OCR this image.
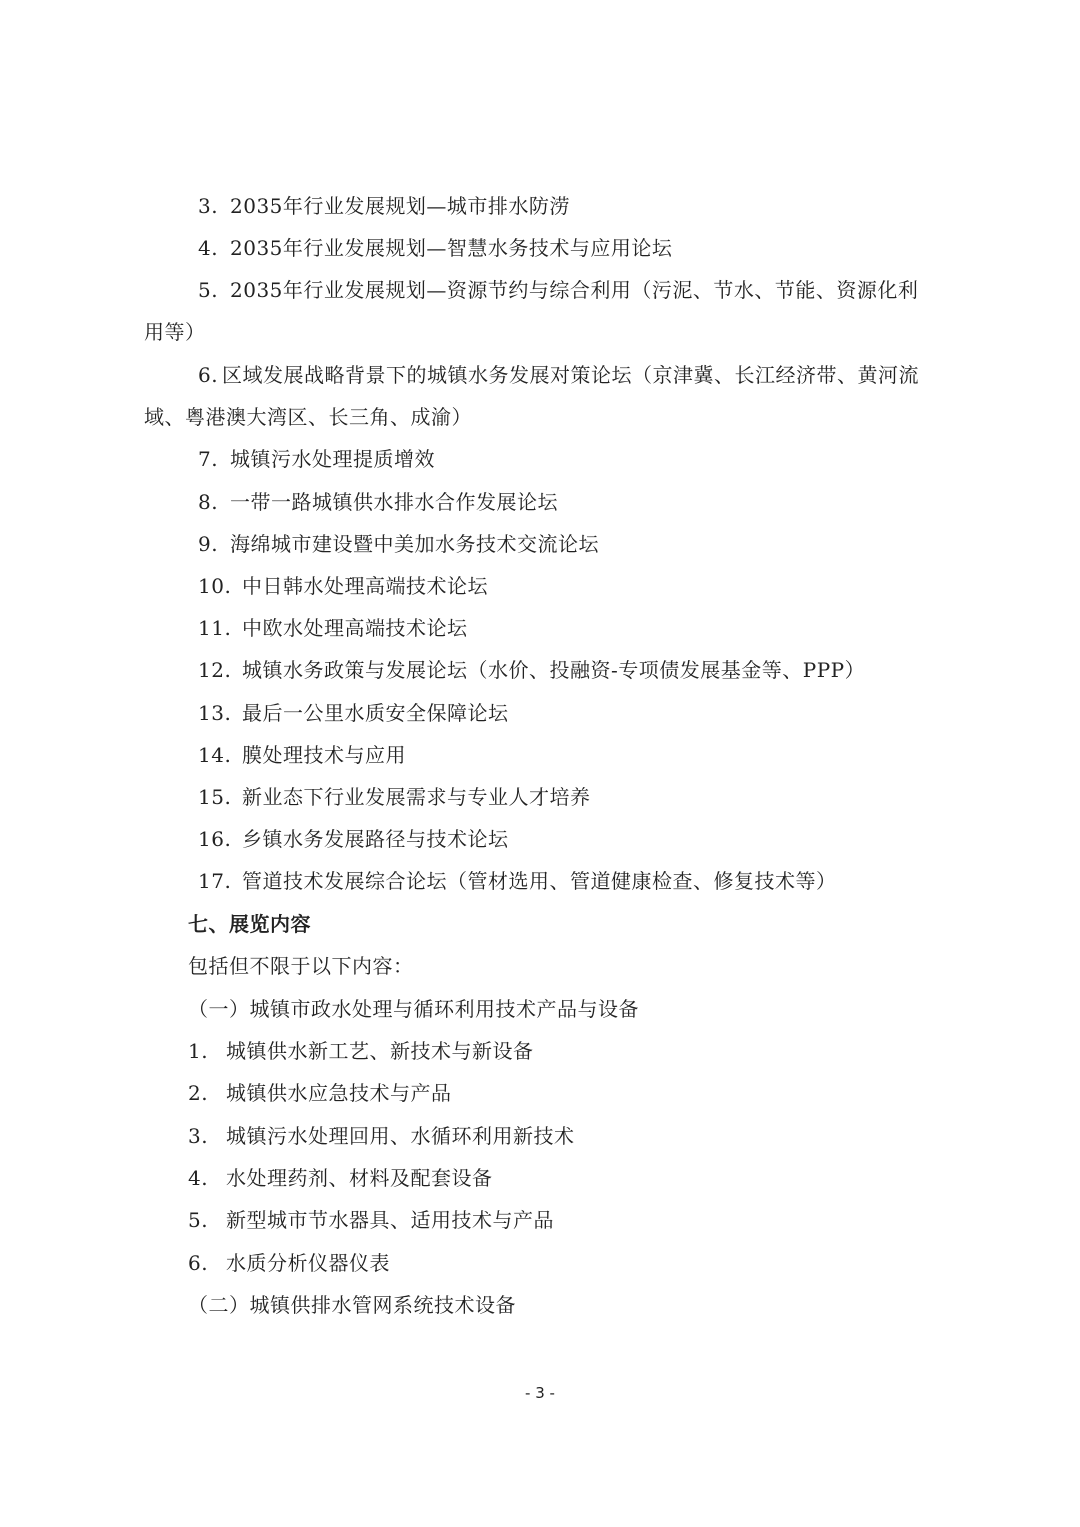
3. 2035年行业发展规划—城市排水防涝
4. 2035年行业发展规划—智慧水务技术与应用论坛
5. 2035年行业发展规划—资源节约与综合利用（污泥、节水、节能、资源化利
用等）
6. 区域发展战略背景下的城镇水务发展对策论坛（京津冀、长江经济带、黄河流
域、粤港澳大湾区、长三角、成渝）
7. 城镇污水处理提质增效
8. 一带一路城镇供水排水合作发展论坛
9. 海绵城市建设暨中美加水务技术交流论坛
10. 中日韩水处理高端技术论坛
11. 中欧水处理高端技术论坛
12. 城镇水务政策与发展论坛（水价、投融资-专项债发展基金等、PPP）
13. 最后一公里水质安全保障论坛
14. 膜处理技术与应用
15. 新业态下行业发展需求与专业人才培养
16. 乡镇水务发展路径与技术论坛
17. 管道技术发展综合论坛（管材选用、管道健康检查、修复技术等）
七、展览内容
包括但不限于以下内容：
（一）城镇市政水处理与循环利用技术产品与设备
1. 城镇供水新工艺、新技术与新设备
2. 城镇供水应急技术与产品
3. 城镇污水处理回用、水循环利用新技术
4. 水处理药剂、材料及配套设备
5. 新型城市节水器具、适用技术与产品
6. 水质分析仪器仪表
（二）城镇供排水管网系统技术设备
- 3 -
